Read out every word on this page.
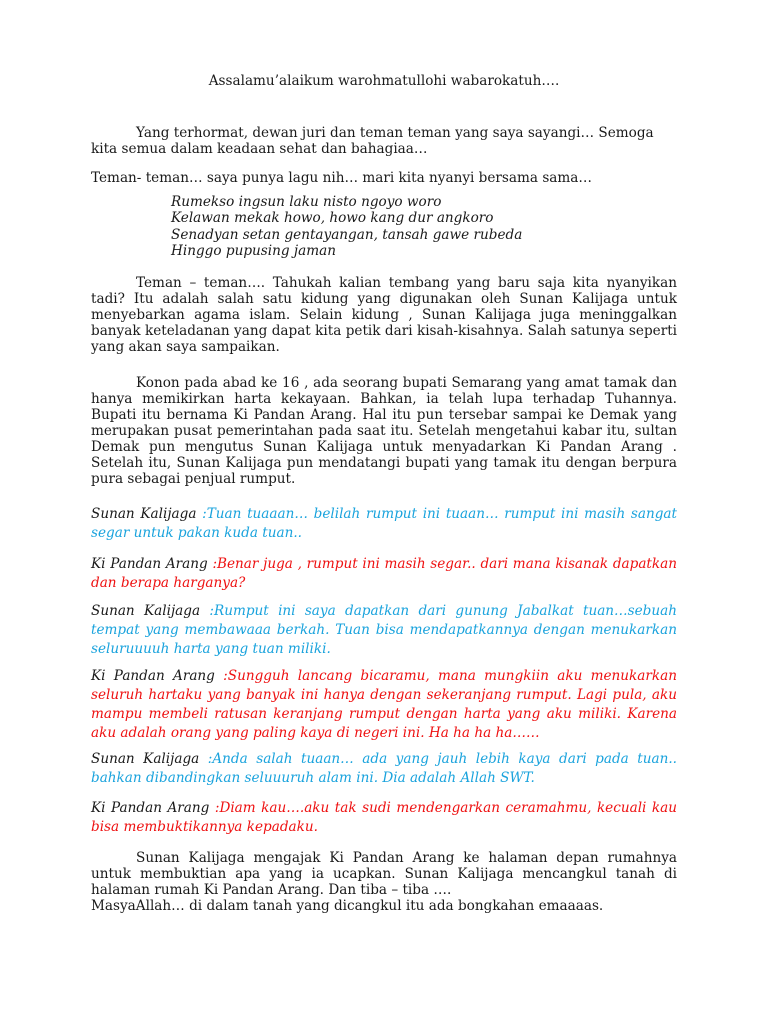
Assalamu’alaikum warohmatullohi wabarokatuh….

Yang terhormat, dewan juri dan teman teman yang saya sayangi… Semoga

kita semua dalam keadaan sehat dan bahagiaa…

Teman- teman… saya punya lagu nih… mari kita nyanyi bersama sama…
Rumekso ingsun laku nisto ngoyo woro
Kelawan mekak howo, howo kang dur angkoro
Senadyan setan gentayangan, tansah gawe rubeda
Hinggo pupusing jaman

Teman – teman…. Tahukah kalian tembang yang baru saja kita nyanyikan tadi? Itu adalah salah satu kidung yang digunakan oleh Sunan Kalijaga untuk menyebarkan agama islam. Selain kidung , Sunan Kalijaga juga meninggalkan banyak keteladanan yang dapat kita petik dari kisah-kisahnya. Salah satunya seperti yang akan saya sampaikan.

Konon pada abad ke 16 , ada seorang bupati Semarang yang amat tamak dan hanya memikirkan harta kekayaan. Bahkan, ia telah lupa terhadap Tuhannya. Bupati itu bernama Ki Pandan Arang. Hal itu pun tersebar sampai ke Demak yang merupakan pusat pemerintahan pada saat itu. Setelah mengetahui kabar itu, sultan Demak pun mengutus Sunan Kalijaga untuk menyadarkan Ki Pandan Arang . Setelah itu, Sunan Kalijaga pun mendatangi bupati yang tamak itu dengan berpura pura sebagai penjual rumput.

Sunan Kalijaga :Tuan tuaaan… belilah rumput ini tuaan… rumput ini masih sangat segar untuk pakan kuda tuan..
Ki Pandan Arang :Benar juga , rumput ini masih segar.. dari mana kisanak dapatkan dan berapa harganya?
Sunan Kalijaga :Rumput ini saya dapatkan dari gunung Jabalkat tuan…sebuah tempat yang membawaaa berkah. Tuan bisa mendapatkannya dengan menukarkan seluruuuuh harta yang tuan miliki.
Ki Pandan Arang :Sungguh lancang bicaramu, mana mungkiin aku menukarkan seluruh hartaku yang banyak ini hanya dengan sekeranjang rumput. Lagi pula, aku mampu membeli ratusan keranjang rumput dengan harta yang aku miliki. Karena aku adalah orang yang paling kaya di negeri ini. Ha ha ha ha……
Sunan Kalijaga :Anda salah tuaan… ada yang jauh lebih kaya dari pada tuan.. bahkan dibandingkan seluuuruh alam ini. Dia adalah Allah SWT.
Ki Pandan Arang :Diam kau….aku tak sudi mendengarkan ceramahmu, kecuali kau bisa membuktikannya kepadaku.

Sunan Kalijaga mengajak Ki Pandan Arang ke halaman depan rumahnya untuk membuktian apa yang ia ucapkan. Sunan Kalijaga mencangkul tanah di halaman rumah Ki Pandan Arang. Dan tiba – tiba ….

MasyaAllah… di dalam tanah yang dicangkul itu ada bongkahan emaaaas.
